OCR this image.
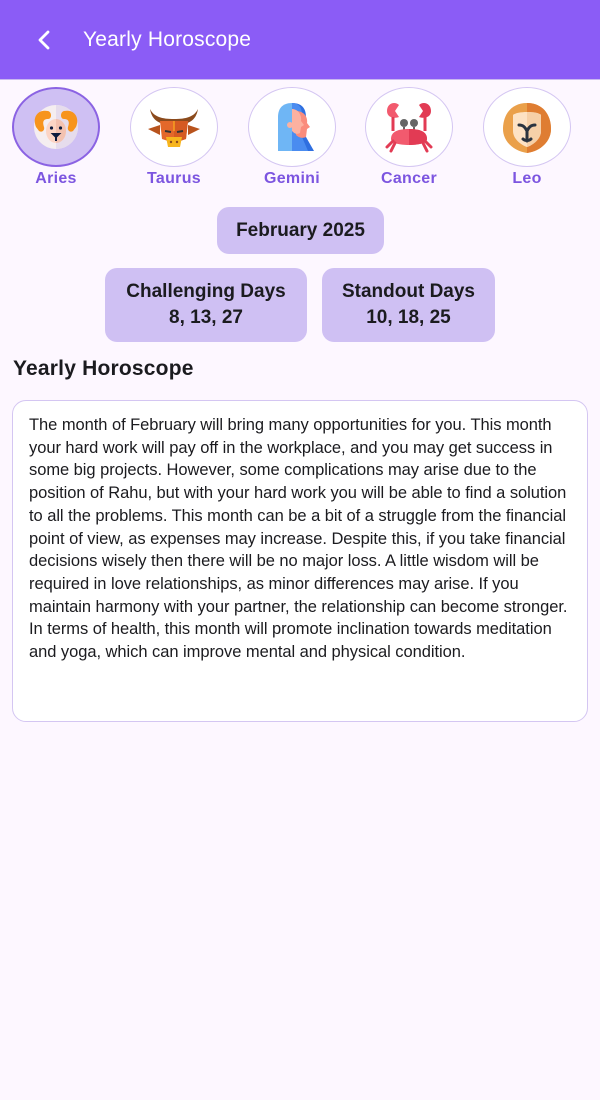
Yearly Horoscope
Aries	Taurus	Gemini	Cancer	Leo
February 2025
Challenging Days
8, 13, 27
Standout Days
10, 18, 25
Yearly Horoscope

The month of February will bring many opportunities for you. This month your hard work will pay off in the workplace, and you may get success in some big projects. However, some complications may arise due to the position of Rahu, but with your hard work you will be able to find a solution to all the problems. This month can be a bit of a struggle from the financial point of view, as expenses may increase. Despite this, if you take financial decisions wisely then there will be no major loss. A little wisdom will be required in love relationships, as minor differences may arise. If you maintain harmony with your partner, the relationship can become stronger. In terms of health, this month will promote inclination towards meditation and yoga, which can improve mental and physical condition.
